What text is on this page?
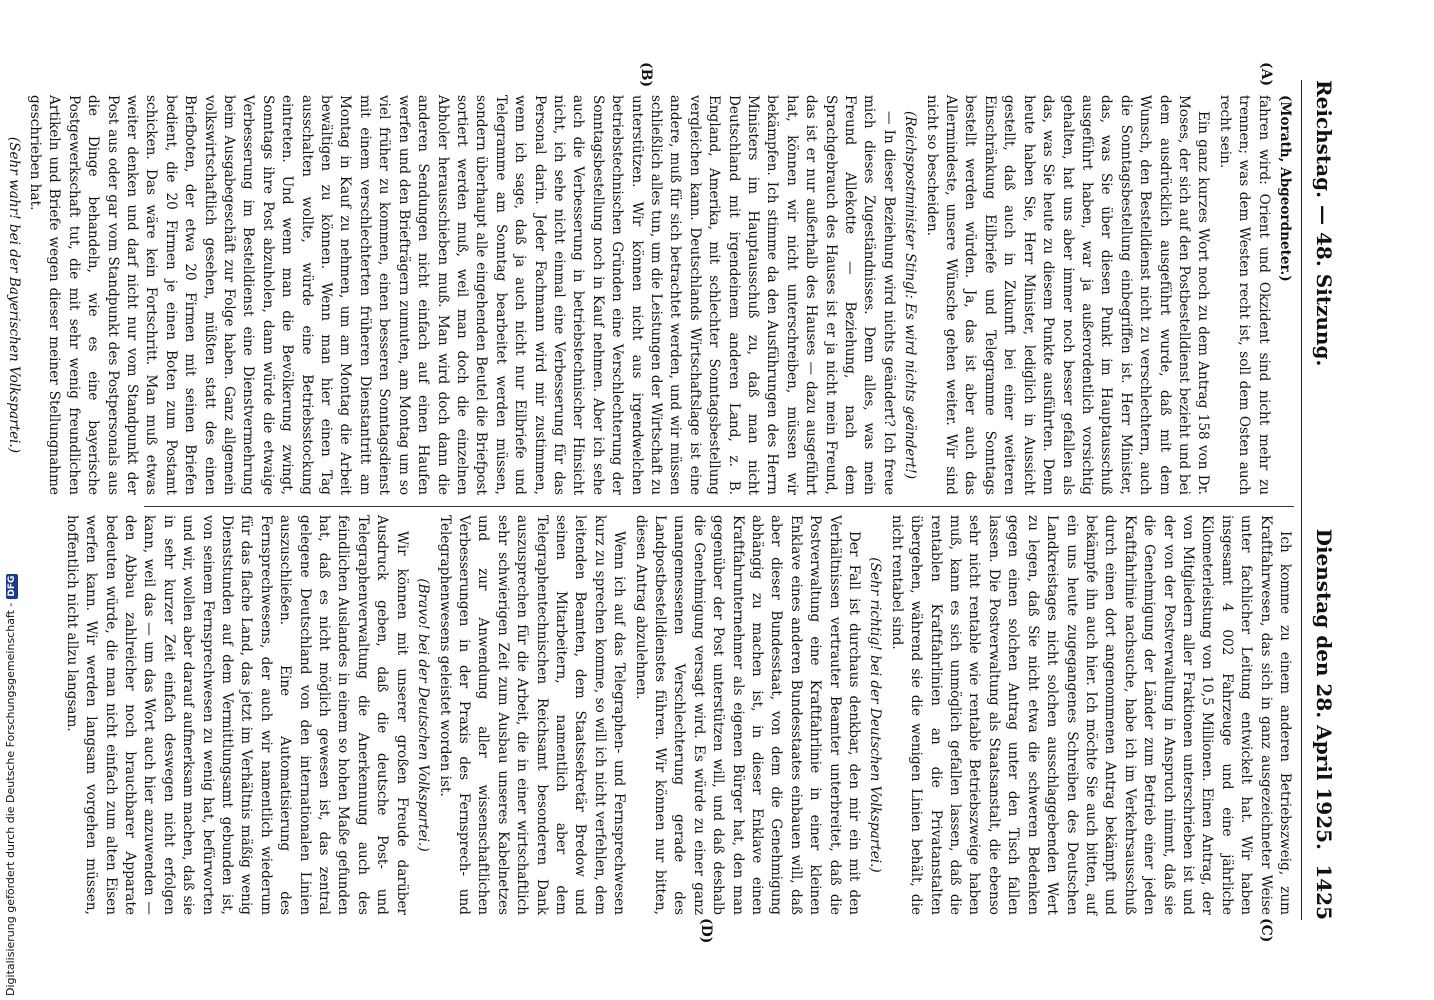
Digitalisierung gefördert durch die Deutsche Forschungsgemeinschaft -DFG
Reichstag. — 48. Sitzung.
Dienstag den 28. April 1925.
1425
(A)
(B)
(C)
(D)

(Morath, Abgeordneter.)

fahren wird: Orient und Okzident sind nicht mehr zu trennen; was dem Westen recht ist, soll dem Osten auch recht sein.

Ein ganz kurzes Wort noch zu dem Antrag 158 von Dr. Moses, der sich auf den Postbestelldienst bezieht und bei dem ausdrücklich ausgeführt wurde, daß mit dem Wunsch, den Bestelldienst nicht zu verschlechtern, auch die Sonntagsbestellung einbegriffen ist. Herr Minister, das, was Sie über diesen Punkt im Hauptausschuß ausgeführt haben, war ja außerordentlich vorsichtig gehalten, hat uns aber immer noch besser gefallen als das, was Sie heute zu diesem Punkte ausführten. Denn heute haben Sie, Herr Minister, lediglich in Aussicht gestellt, daß auch in Zukunft bei einer weiteren Einschränkung Eilbriefe und Telegramme Sonntags bestellt werden würden. Ja, das ist aber auch das Allermindeste, unsere Wünsche gehen weiter. Wir sind nicht so bescheiden.

(Reichspostminister Stingl: Es wird nichts geändert!)

— In dieser Beziehung wird nichts geändert? Ich freue mich dieses Zugeständnisses. Denn alles, was mein Freund Allekotte — Beziehung, nach dem Sprachgebrauch des Hauses ist er ja nicht mein Freund, das ist er nur außerhalb des Hauses — dazu ausgeführt hat, können wir nicht unterschreiben, müssen wir bekämpfen. Ich stimme da den Ausführungen des Herrn Ministers im Hauptausschuß zu, daß man nicht Deutschland mit irgendeinem anderen Land, z. B. England, Amerika, mit schlechter Sonntagsbestellung vergleichen kann. Deutschlands Wirtschaftslage ist eine andere, muß für sich betrachtet werden, und wir müssen schließlich alles tun, um die Leistungen der Wirtschaft zu unterstützen. Wir können nicht aus irgendwelchen betriebstechnischen Gründen eine Verschlechterung der Sonntagsbestellung noch in Kauf nehmen. Aber ich sehe auch die Verbesserung in betriebstechnischer Hinsicht nicht, ich sehe nicht einmal eine Verbesserung für das Personal darin. Jeder Fachmann wird mir zustimmen, wenn ich sage, daß ja auch nicht nur Eilbriefe und Telegramme am Sonntag bearbeitet werden müssen, sondern überhaupt alle eingehenden Beutel die Briefpost sortiert werden muß, weil man doch die einzelnen Abholer herausschieben muß. Man wird doch dann die anderen Sendungen nicht einfach auf einen Haufen werfen und den Briefträgern zumuten, am Montag um so viel früher zu kommen, einen besseren Sonntagsdienst mit einem verschlechterten früheren Dienstantritt am Montag in Kauf zu nehmen, um am Montag die Arbeit bewältigen zu können. Wenn man hier einen Tag ausschalten wollte, würde eine Betriebsstockung eintreten. Und wenn man die Bevölkerung zwingt, Sonntags ihre Post abzuholen, dann würde die etwaige Verbesserung im Bestelldienst eine Dienstvermehrung beim Ausgabegeschäft zur Folge haben. Ganz allgemein volkswirtschaftlich gesehen, müßten statt des einen Briefboten, der etwa 20 Firmen mit seinen Briefen bedient, die 20 Firmen je einen Boten zum Postamt schicken. Das wäre kein Fortschritt. Man muß etwas weiter denken und darf nicht nur vom Standpunkt der Post aus oder gar vom Standpunkt des Postpersonals aus die Dinge behandeln, wie es eine bayerische Postgewerkschaft tut, die mit sehr wenig freundlichen Artikeln und Briefe wegen dieser meiner Stellungnahme geschrieben hat.

(Sehr wahr! bei der Bayerischen Volkspartei.)

Ich komme zu einem anderen Betriebszweig, zum Kraftfahrwesen, das sich in ganz ausgezeichneter Weise unter fachlicher Leitung entwickelt hat. Wir haben insgesamt 4 002 Fahrzeuge und eine jährliche Kilometerleistung von 10,5 Millionen. Einen Antrag, der von Mitgliedern aller Fraktionen unterschrieben ist und der von der Postverwaltung in Anspruch nimmt, daß sie die Genehmigung der Länder zum Betrieb einer jeden Kraftfahrlinie nachsuche, habe ich im Verkehrsausschuß durch einen dort angenommenen Antrag bekämpft und bekämpfe ihn auch hier. Ich möchte Sie auch bitten, auf ein uns heute zugegangenes Schreiben des Deutschen Landkreistages nicht solchen ausschlaggebenden Wert zu legen, daß Sie nicht etwa die schweren Bedenken gegen einen solchen Antrag unter den Tisch fallen lassen. Die Postverwaltung als Staatsanstalt, die ebenso sehr nicht rentable wie rentable Betriebszweige haben muß, kann es sich unmöglich gefallen lassen, daß die rentablen Kraftfahrlinien an die Privatanstalten übergehen, während sie die wenigen Linien behält, die nicht rentabel sind.

(Sehr richtig! bei der Deutschen Volkspartei.)

Der Fall ist durchaus denkbar, den mir ein mit den Verhältnissen vertrauter Beamter unterbreitet, daß die Postverwaltung eine Kraftfahrlinie in einer kleinen Enklave eines anderen Bundesstaates einbauen will, daß aber dieser Bundesstaat, von dem die Genehmigung abhängig zu machen ist, in dieser Enklave einen Kraftfahrunternehmer als eigenen Bürger hat, den man gegenüber der Post unterstützen will, und daß deshalb die Genehmigung versagt wird. Es würde zu einer ganz unangemessenen Verschlechterung gerade des Landpostbestelldienstes führen. Wir können nur bitten, diesen Antrag abzulehnen.

Wenn ich auf das Telegraphen- und Fernsprechwesen kurz zu sprechen komme, so will ich nicht verfehlen, dem leitenden Beamten, dem Staatssekretär Bredow und seinen Mitarbeitern, namentlich aber dem Telegraphentechnischen Reichsamt besonderen Dank auszusprechen für die Arbeit, die in einer wirtschaftlich sehr schwierigen Zeit zum Ausbau unseres Kabelnetzes und zur Anwendung aller wissenschaftlichen Verbesserungen in der Praxis des Fernsprech- und Telegraphenwesens geleistet worden ist.

(Bravo! bei der Deutschen Volkspartei.)

Wir können mit unserer großen Freude darüber Ausdruck geben, daß die deutsche Post- und Telegraphenverwaltung die Anerkennung auch des feindlichen Auslandes in einem so hohen Maße gefunden hat, daß es nicht möglich gewesen ist, das zentral gelegene Deutschland von den internationalen Linien auszuschließen. Eine Automatisierung des Fernsprechwesens, der auch wir namentlich wiederum für das flache Land, das jetzt im Verhältnis mäßig wenig Dienststunden auf dem Vermittlungsamt gebunden ist, von seinem Fernsprechwesen zu wenig hat, befürworten und wir, wollen aber darauf aufmerksam machen, daß sie in sehr kurzer Zeit einfach deswegen nicht erfolgen kann, weil das — um das Wort auch hier anzuwenden — den Abbau zahlreicher noch brauchbarer Apparate bedeuten würde, die man nicht einfach zum alten Eisen werfen kann. Wir werden langsam vorgehen müssen, hoffentlich nicht allzu langsam.
